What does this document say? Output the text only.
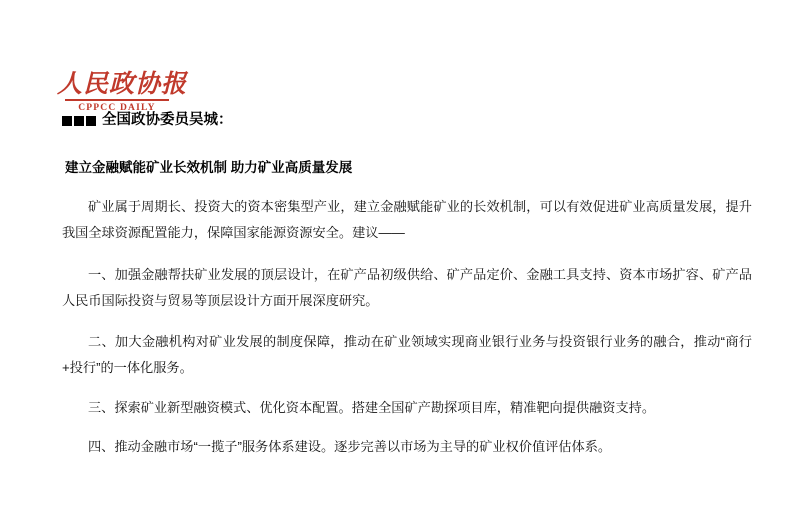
人民政协报
CPPCC DAILY
全国政协委员吴城：
建立金融赋能矿业长效机制 助力矿业高质量发展

矿业属于周期长、投资大的资本密集型产业，建立金融赋能矿业的长效机制，可以有效促进矿业高质量发展，提升我国全球资源配置能力，保障国家能源资源安全。建议——

一、加强金融帮扶矿业发展的顶层设计，在矿产品初级供给、矿产品定价、金融工具支持、资本市场扩容、矿产品人民币国际投资与贸易等顶层设计方面开展深度研究。

二、加大金融机构对矿业发展的制度保障，推动在矿业领域实现商业银行业务与投资银行业务的融合，推动“商行+投行”的一体化服务。

三、探索矿业新型融资模式、优化资本配置。搭建全国矿产勘探项目库，精准靶向提供融资支持。

四、推动金融市场“一揽子”服务体系建设。逐步完善以市场为主导的矿业权价值评估体系。
